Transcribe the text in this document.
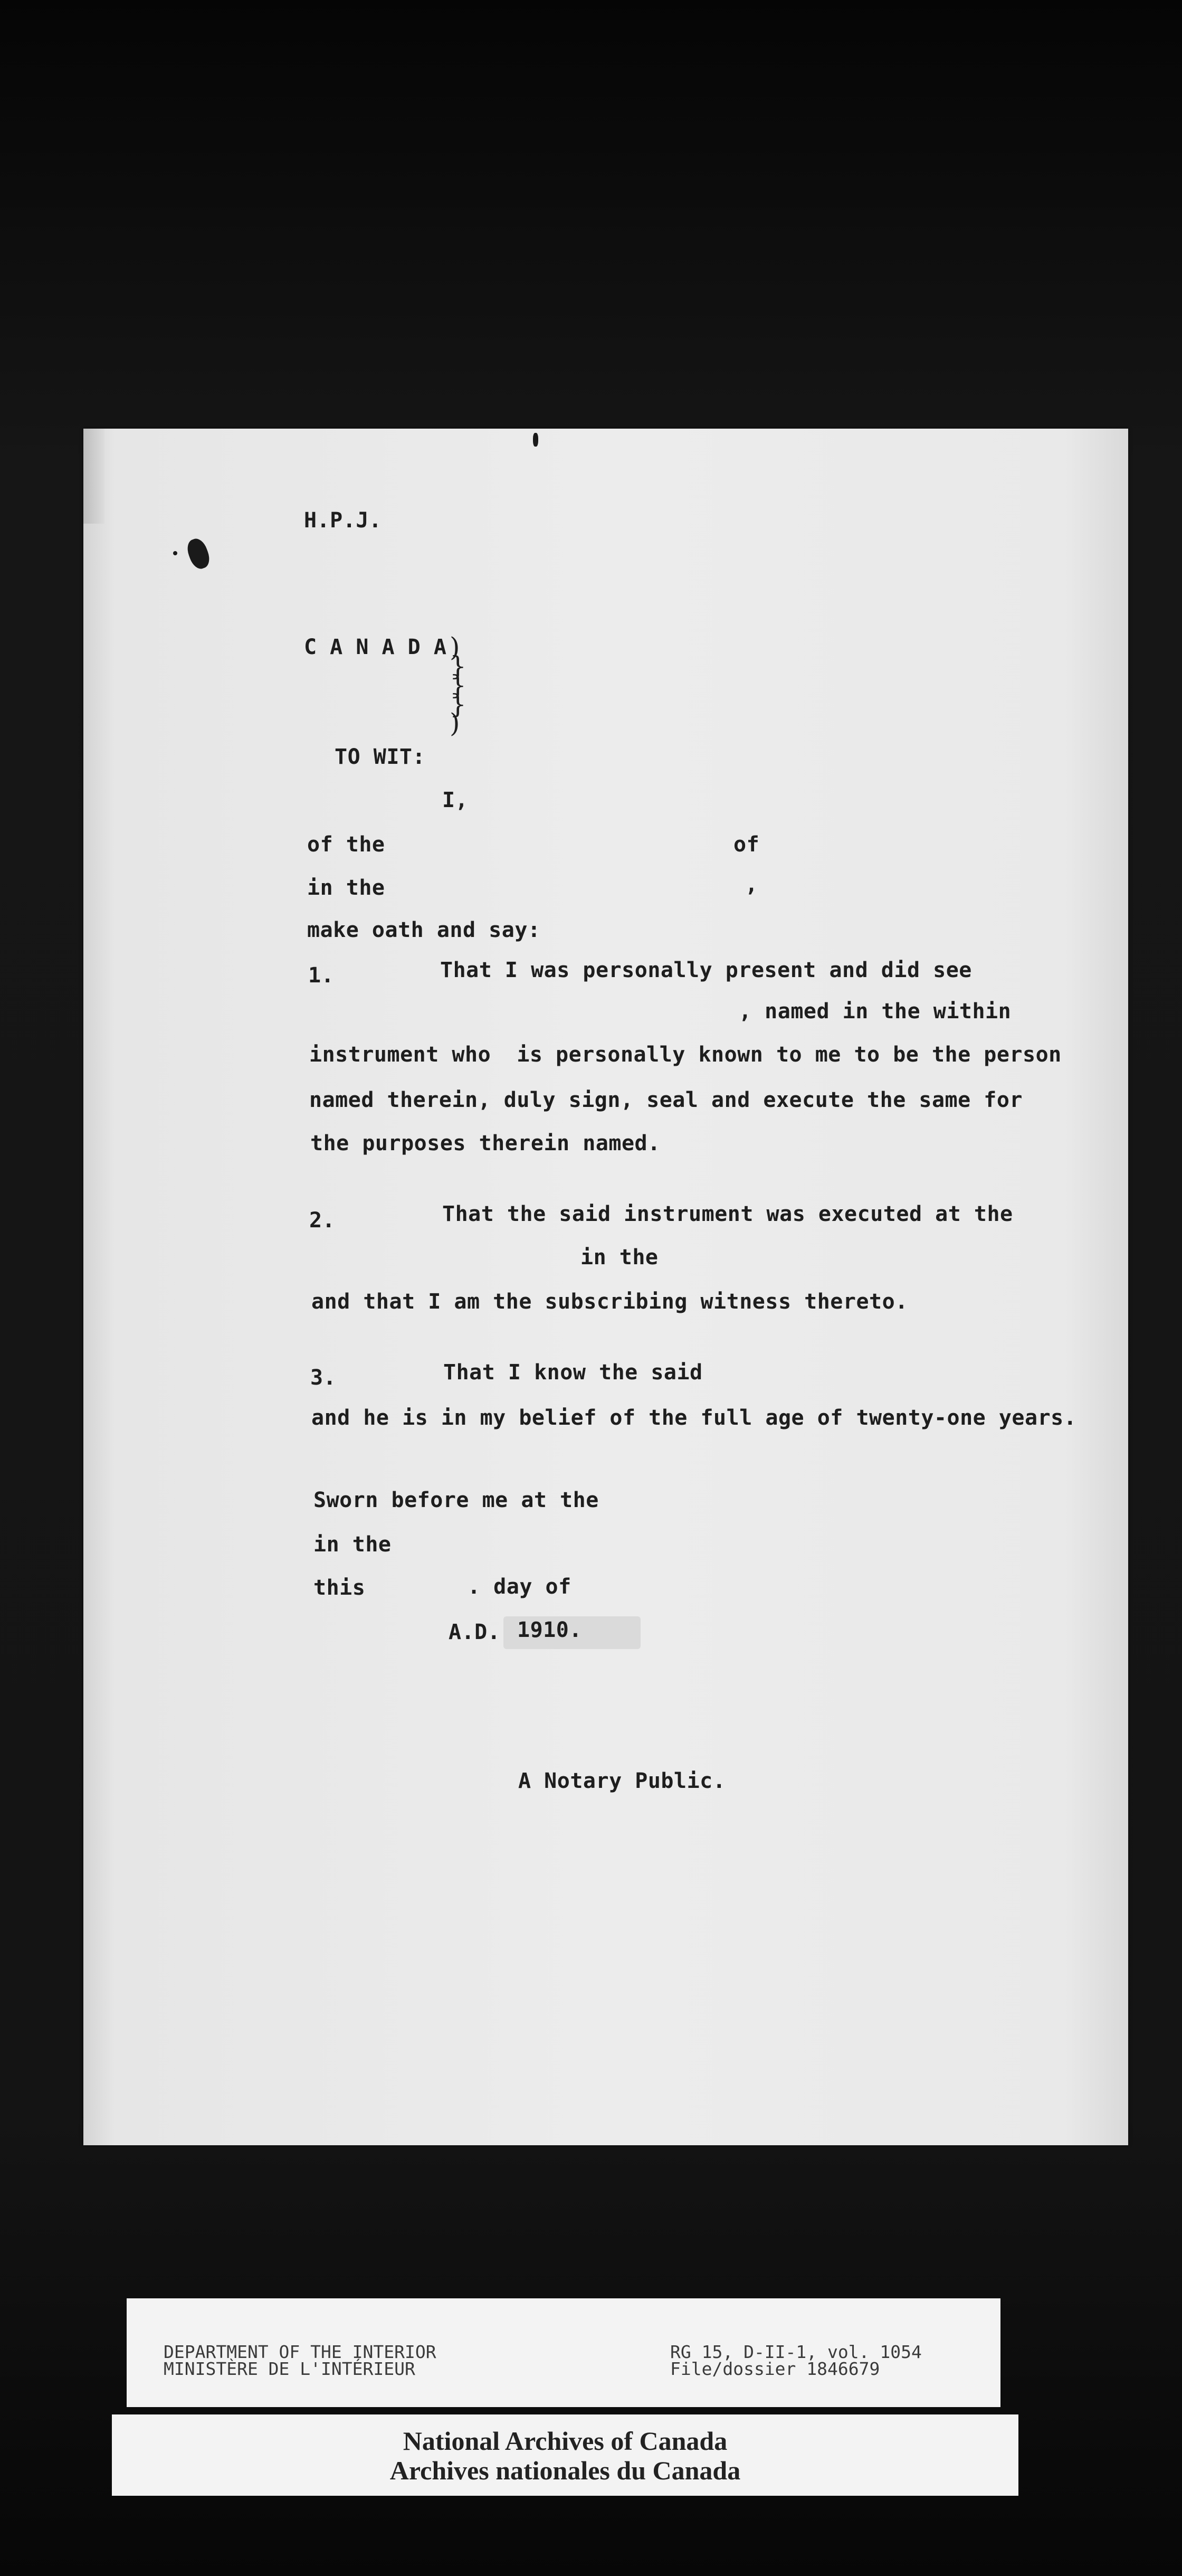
H.P.J.
C A N A D A )
}
}
}
)
TO WIT:
I,
of the	of
in the	,
make oath and say:
1.	That I was personally present and did see
, named in the within
instrument who  is personally known to me to be the person
named therein, duly sign, seal and execute the same for
the purposes therein named.
2.	That the said instrument was executed at the
in the
and that I am the subscribing witness thereto.
3.	That I know the said
and he is in my belief of the full age of twenty-one years.
Sworn before me at the
in the
this	. day of
A.D. 1910.
A Notary Public.
DEPARTMENT OF THE INTERIOR
MINISTÈRE DE L'INTÉRIEUR
RG 15, D-II-1, vol. 1054
File/dossier 1846679
National Archives of Canada
Archives nationales du Canada
